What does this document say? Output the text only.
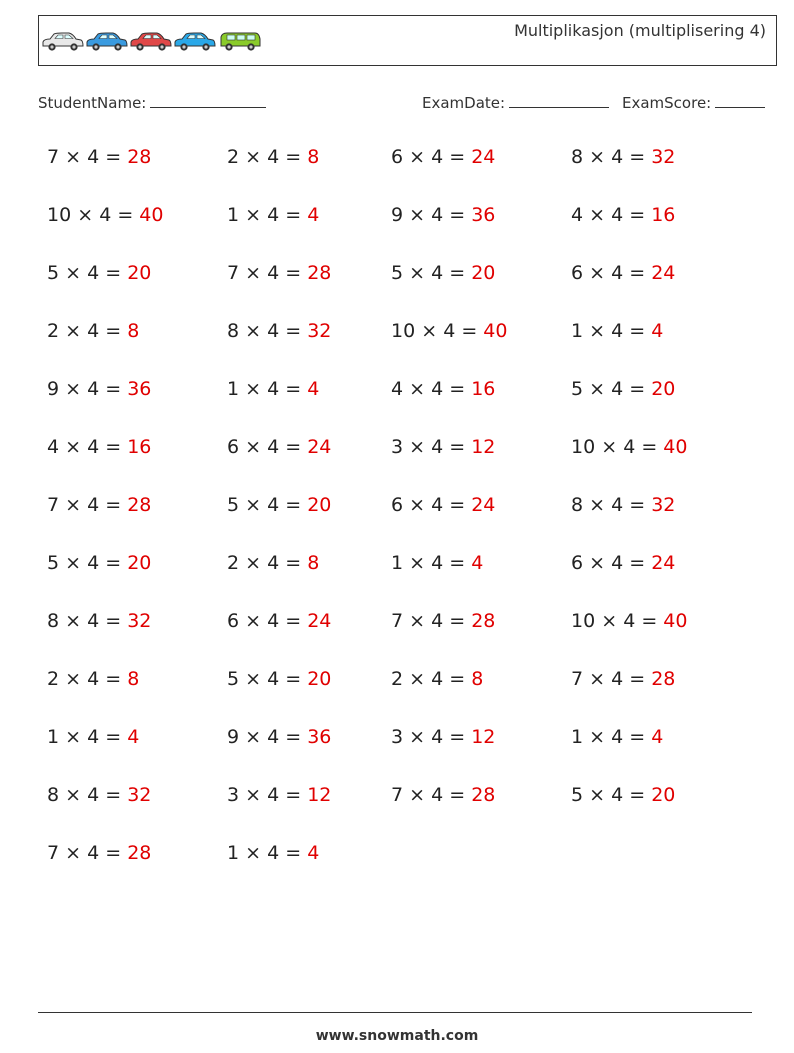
Multiplikasjon (multiplisering 4)
StudentName:	ExamDate:	ExamScore:
7 × 4 = 28	2 × 4 = 8	6 × 4 = 24	8 × 4 = 32
10 × 4 = 40	1 × 4 = 4	9 × 4 = 36	4 × 4 = 16
5 × 4 = 20	7 × 4 = 28	5 × 4 = 20	6 × 4 = 24
2 × 4 = 8	8 × 4 = 32	10 × 4 = 40	1 × 4 = 4
9 × 4 = 36	1 × 4 = 4	4 × 4 = 16	5 × 4 = 20
4 × 4 = 16	6 × 4 = 24	3 × 4 = 12	10 × 4 = 40
7 × 4 = 28	5 × 4 = 20	6 × 4 = 24	8 × 4 = 32
5 × 4 = 20	2 × 4 = 8	1 × 4 = 4	6 × 4 = 24
8 × 4 = 32	6 × 4 = 24	7 × 4 = 28	10 × 4 = 40
2 × 4 = 8	5 × 4 = 20	2 × 4 = 8	7 × 4 = 28
1 × 4 = 4	9 × 4 = 36	3 × 4 = 12	1 × 4 = 4
8 × 4 = 32	3 × 4 = 12	7 × 4 = 28	5 × 4 = 20
7 × 4 = 28	1 × 4 = 4
www.snowmath.com
